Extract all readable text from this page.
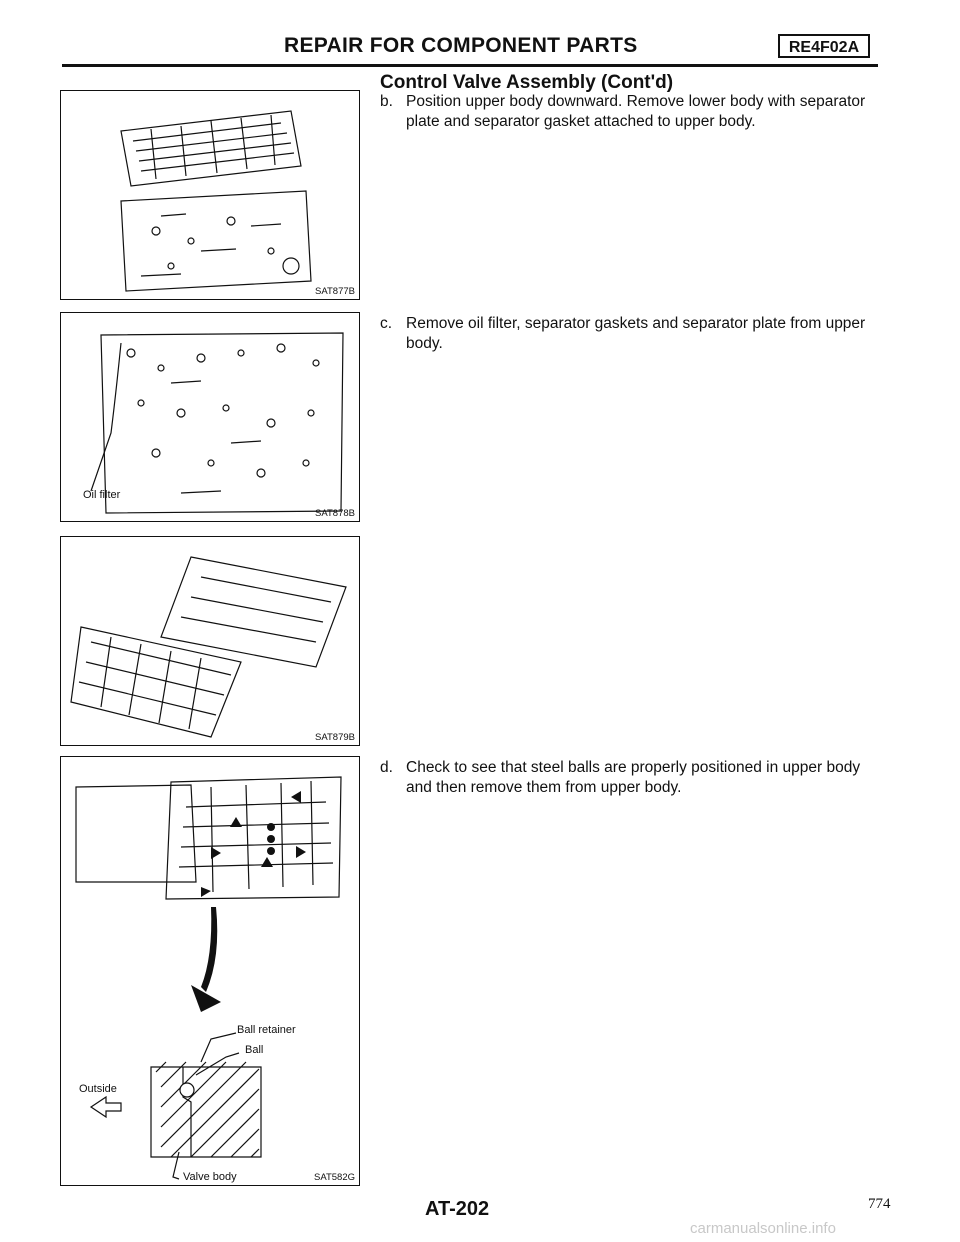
REPAIR FOR COMPONENT PARTS	RE4F02A
Control Valve Assembly (Cont'd)
b. Position upper body downward. Remove lower body with separator plate and separator gasket attached to upper body.
c. Remove oil filter, separator gaskets and separator plate from upper body.
d. Check to see that steel balls are properly positioned in upper body and then remove them from upper body.
SAT877B
Oil filter
SAT878B
SAT879B
Ball retainer
Ball
Outside
Valve body	SAT582G
AT-202	774
carmanualsonline.info
